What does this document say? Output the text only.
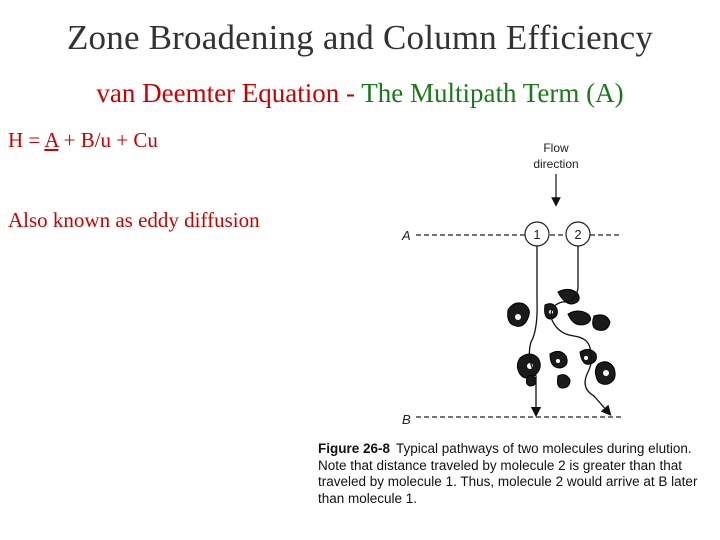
Zone Broadening and Column Efficiency
van Deemter Equation - The Multipath Term (A)
H = A + B/u + Cu
Also known as eddy diffusion
Flow
direction
A	1	2
B
Figure 26-8 Typical pathways of two molecules during elution. Note that distance traveled by molecule 2 is greater than that traveled by molecule 1. Thus, molecule 2 would arrive at B later than molecule 1.
